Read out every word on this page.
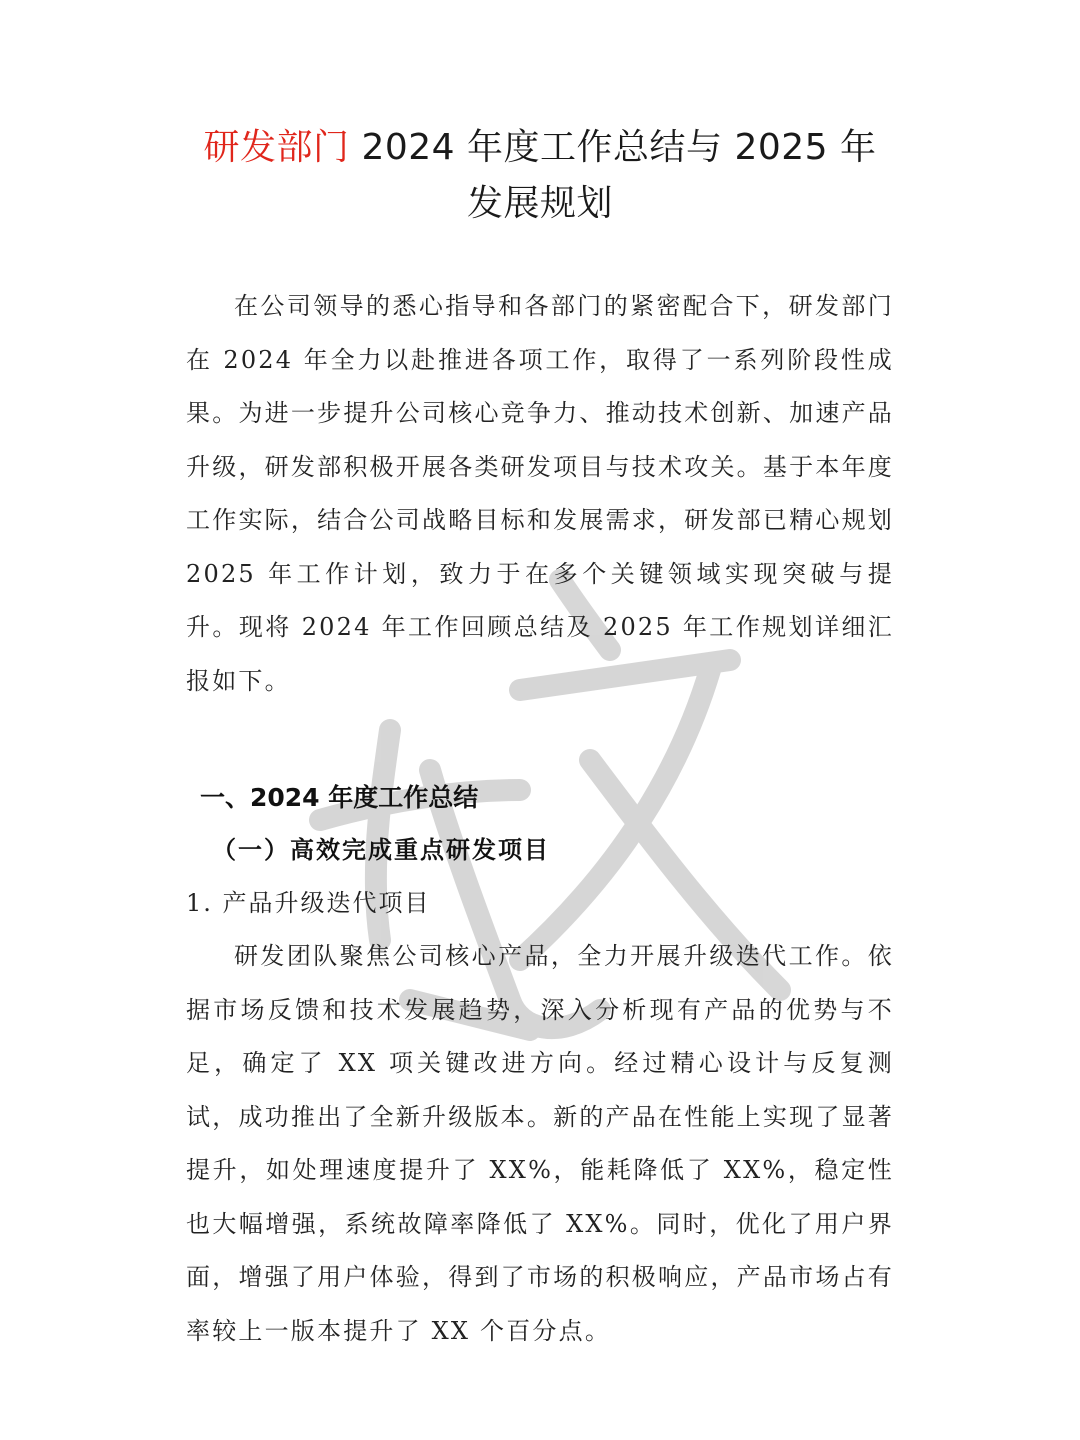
研发部门 2024 年度工作总结与 2025 年发展规划

在公司领导的悉心指导和各部门的紧密配合下，研发部门在 2024 年全力以赴推进各项工作，取得了一系列阶段性成果。为进一步提升公司核心竞争力、推动技术创新、加速产品升级，研发部积极开展各类研发项目与技术攻关。基于本年度工作实际，结合公司战略目标和发展需求，研发部已精心规划 2025 年工作计划，致力于在多个关键领域实现突破与提升。现将 2024 年工作回顾总结及 2025 年工作规划详细汇报如下。

一、2024 年度工作总结
（一）高效完成重点研发项目
1. 产品升级迭代项目

研发团队聚焦公司核心产品，全力开展升级迭代工作。依据市场反馈和技术发展趋势，深入分析现有产品的优势与不足，确定了 XX 项关键改进方向。经过精心设计与反复测试，成功推出了全新升级版本。新的产品在性能上实现了显著提升，如处理速度提升了 XX%，能耗降低了 XX%，稳定性也大幅增强，系统故障率降低了 XX%。同时，优化了用户界面，增强了用户体验，得到了市场的积极响应，产品市场占有率较上一版本提升了 XX 个百分点。
